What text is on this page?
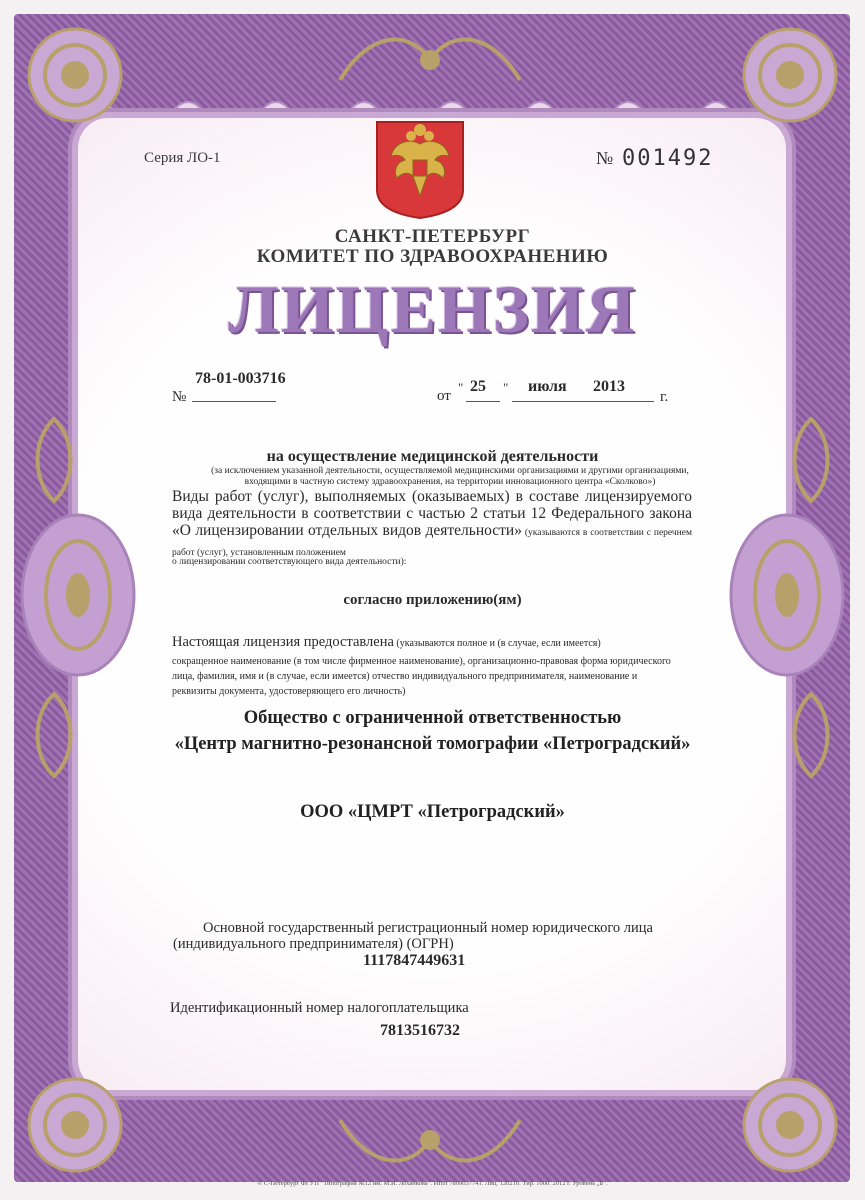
Серия ЛО-1	№ 001492
САНКТ-ПЕТЕРБУРГ
КОМИТЕТ ПО ЗДРАВООХРАНЕНИЮ
ЛИЦЕНЗИЯ
78-01-003716
№	от
" 25 " июля 2013
г.
на осуществление медицинской деятельности
(за исключением указанной деятельности, осуществляемой медицинскими организациями и другими организациями, входящими в частную систему здравоохранения, на территории инновационного центра «Сколково»)
Виды работ (услуг), выполняемых (оказываемых) в составе лицензируемого вида деятельности в соответствии с частью 2 статьи 12 Федерального закона «О лицензировании отдельных видов деятельности» (указываются в соответствии с перечнем работ (услуг), установленным положением
о лицензировании соответствующего вида деятельности):
согласно приложению(ям)
Настоящая лицензия предоставлена (указываются полное и (в случае, если имеется)
сокращенное наименование (в том числе фирменное наименование), организационно-правовая форма юридического лица, фамилия, имя и (в случае, если имеется) отчество индивидуального предпринимателя, наименование и реквизиты документа, удостоверяющего его личность)
Общество с ограниченной ответственностью
«Центр магнитно-резонансной томографии «Петроградский»
ООО «ЦМРТ «Петроградский»
Основной государственный регистрационный номер юридического лица
(индивидуального предпринимателя) (ОГРН)
1117847449631
Идентификационный номер налогоплательщика
7813516732
© С-Петербург ФГУП "Типография №12 им. М.И. Лоханкова". ИНН 7809037741. Лиц. 120210. Тир. 1000. 2012 г. Уровень „Б".
